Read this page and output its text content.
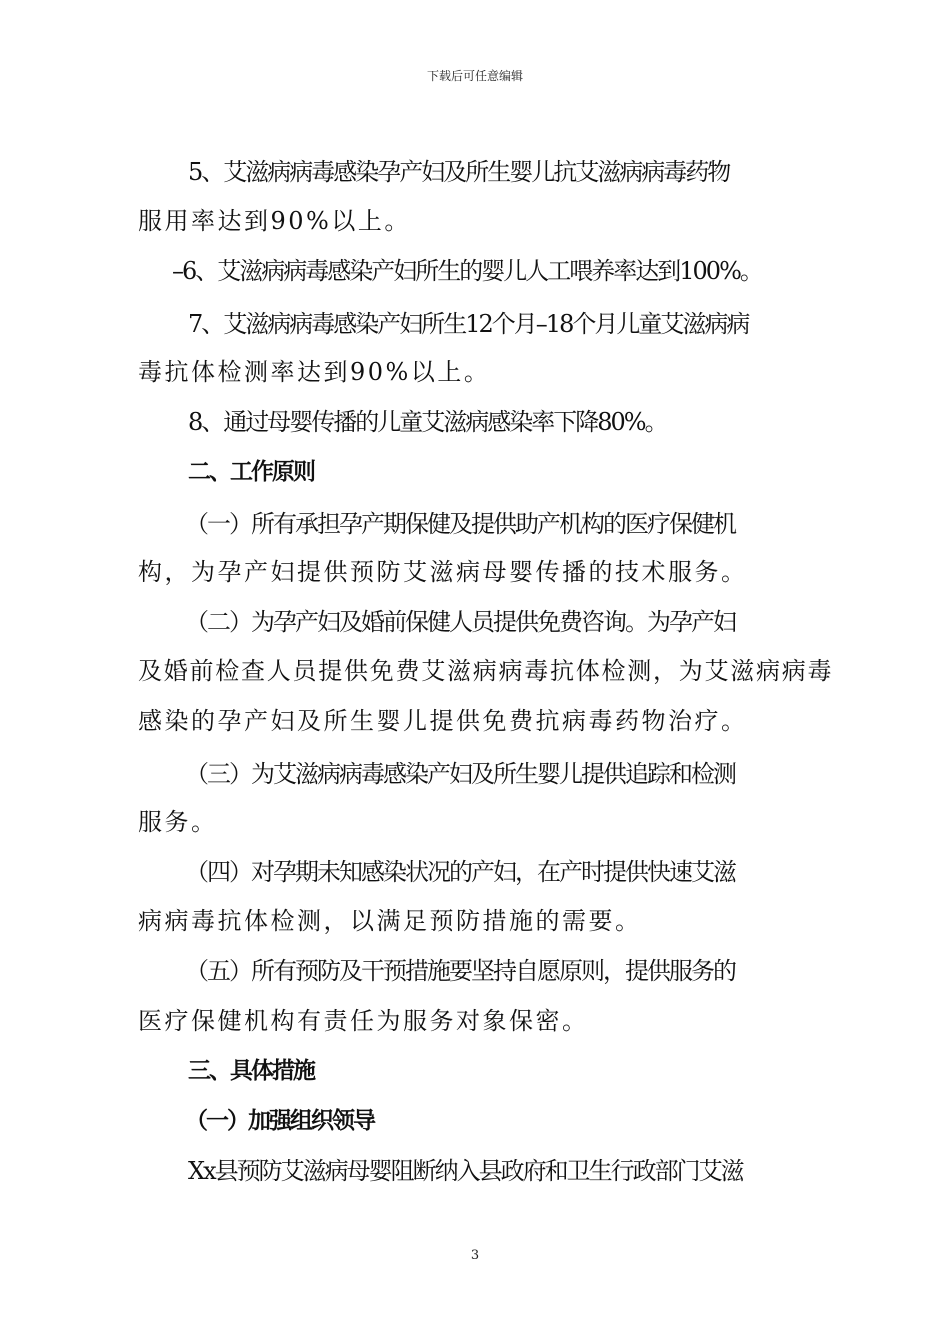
下载后可任意编辑
5、艾滋病病毒感染孕产妇及所生婴儿抗艾滋病病毒药物
服用率达到90%以上。
–6、艾滋病病毒感染产妇所生的婴儿人工喂养率达到100%。
7、艾滋病病毒感染产妇所生12个月–18个月儿童艾滋病病
毒抗体检测率达到90%以上。
8、通过母婴传播的儿童艾滋病感染率下降80%。
二、工作原则
（一）所有承担孕产期保健及提供助产机构的医疗保健机
构，为孕产妇提供预防艾滋病母婴传播的技术服务。
（二）为孕产妇及婚前保健人员提供免费咨询。为孕产妇
及婚前检查人员提供免费艾滋病病毒抗体检测，为艾滋病病毒
感染的孕产妇及所生婴儿提供免费抗病毒药物治疗。
（三）为艾滋病病毒感染产妇及所生婴儿提供追踪和检测
服务。
（四）对孕期未知感染状况的产妇，在产时提供快速艾滋
病病毒抗体检测，以满足预防措施的需要。
（五）所有预防及干预措施要坚持自愿原则，提供服务的
医疗保健机构有责任为服务对象保密。
三、具体措施
（一）加强组织领导
Xx县预防艾滋病母婴阻断纳入县政府和卫生行政部门艾滋
3
